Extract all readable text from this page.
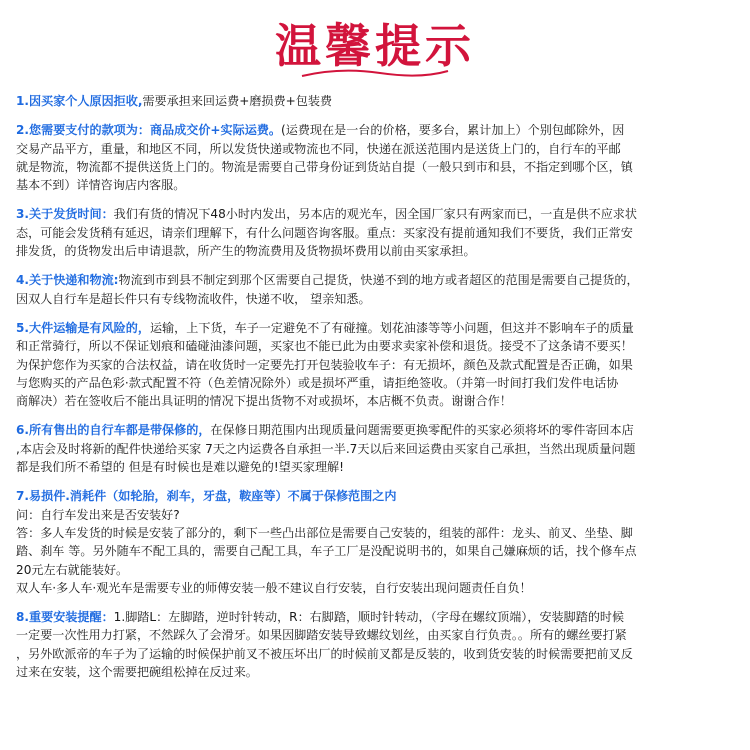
温馨提示

1.因买家个人原因拒收,需要承担来回运费+磨损费+包装费

2.您需要支付的款项为：商品成交价+实际运费。(运费现在是一台的价格，要多台，累计加上）个别包邮除外，因

交易产品平方，重量，和地区不同，所以发货快递或物流也不同，快递在派送范围内是送货上门的，自行车的平邮

就是物流，物流都不提供送货上门的。物流是需要自己带身份证到货站自提（一般只到市和县，不指定到哪个区，镇

基本不到）详情咨询店内客服。

3.关于发货时间：我们有货的情况下48小时内发出，另本店的观光车，因全国厂家只有两家而已，一直是供不应求状

态，可能会发货稍有延迟，请亲们理解下，有什么问题咨询客服。重点：买家没有提前通知我们不要货，我们正常安

排发货，的货物发出后申请退款，所产生的物流费用及货物损坏费用以前由买家承担。

4.关于快递和物流:物流到市到县不制定到那个区需要自己提货，快递不到的地方或者超区的范围是需要自己提货的，

因双人自行车是超长件只有专线物流收件，快递不收， 望亲知悉。

5.大件运输是有风险的，运输，上下货，车子一定避免不了有碰撞。划花油漆等等小问题，但这并不影响车子的质量

和正常骑行，所以不保证划痕和磕碰油漆问题，买家也不能已此为由要求卖家补偿和退货。接受不了这条请不要买！

为保护您作为买家的合法权益，请在收货时一定要先打开包装验收车子：有无损坏，颜色及款式配置是否正确，如果

与您购买的产品色彩·款式配置不符（色差情况除外）或是损坏严重，请拒绝签收。（并第一时间打我们发件电话协

商解决）若在签收后不能出具证明的情况下提出货物不对或损坏，本店概不负责。谢谢合作！

6.所有售出的自行车都是带保修的，在保修日期范围内出现质量问题需要更换零配件的买家必须将坏的零件寄回本店

,本店会及时将新的配件快递给买家 7天之内运费各自承担一半.7天以后来回运费由买家自己承担，当然出现质量问题

都是我们所不希望的 但是有时候也是难以避免的!望买家理解!

7.易损件.消耗件（如轮胎，刹车，牙盘，鞍座等）不属于保修范围之内

问：自行车发出来是否安装好?

答：多人车发货的时候是安装了部分的，剩下一些凸出部位是需要自己安装的，组装的部件：龙头、前叉、坐垫、脚

踏、刹车 等。另外随车不配工具的，需要自己配工具，车子工厂是没配说明书的，如果自己嫌麻烦的话，找个修车点

20元左右就能装好。

双人车·多人车·观光车是需要专业的师傅安装一般不建议自行安装，自行安装出现问题责任自负！

8.重要安装提醒：1.脚踏L：左脚踏，逆时针转动，R：右脚踏，顺时针转动，（字母在螺纹顶端），安装脚踏的时候

一定要一次性用力打紧，不然踩久了会滑牙。如果因脚踏安装导致螺纹划丝，由买家自行负责。。所有的螺丝要打紧

，另外欧派帝的车子为了运输的时候保护前叉不被压坏出厂的时候前叉都是反装的，收到货安装的时候需要把前叉反

过来在安装，这个需要把碗组松掉在反过来。
